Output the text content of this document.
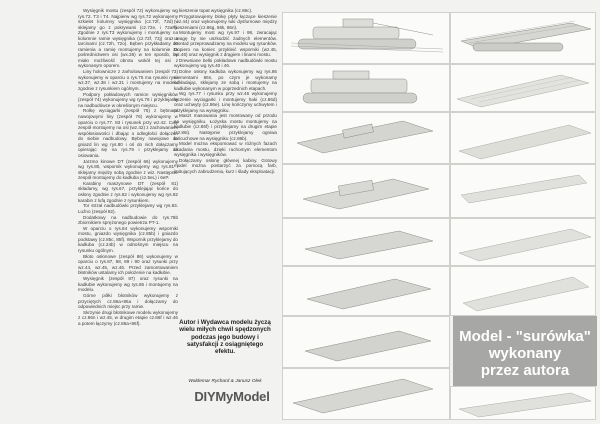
Wysięgnik mostu (zespół 72) wykonujemy wg rys.72. T3 i T4. Najpierw wg rys.72 wykonujemy szkielet kolumny wysięgnika (cz.72f, 72d) i sklejamy go z pokrywami (cz.72e, i 72aF). Zgodnie z rys.T3 wykonujemy i montujemy na kolumnie ramie wysięgnika (cz.72f, 72j) oraz z tarcinami (cz.72h, 72o). Bęben przykładamy do ramienia a ramię montujemy na kolumnie za pośrednictwem osi (wx.36) w ten sposób, by miało możliwość obrotu wokół tej osi z wykonanym oporem.

Liny holownicze z zarholowaniem (zespół 73) wykonujemy w oparciu o rys.75 ma rysunki rysu wz.37, wz.38 i wz.31 i montujemy na modelu zgodnie z rysunkiem ogólnym.

Podpory pokładowych ramion wysięgników (zespół 74) wykonujemy wg rys.76 i przyklejamy na nadbudówce w określonym miejscu.

Rolkę wyciągarki (zespół 75) z bębnami nawojowymi liny (zespół 76) wykonujemy w oparciu o rys.77. 83 i rysunek przy wz.42. Cały zespół montujemy na osi (wz.42) z zachowaniem współosiowości i dbając o odległości dołączeń do siebie nadbudowy. Bębny nawojowe do gniazd lin wg rys.80 i oś do nich dołączamy opierając się na rys.79 i przyklejamy do osiowania.

Jarzmo kinowe DT (zespół 66) wykonujemy wg rys.80, wspornik wykonujemy wg rys.81 i sklejamy między sobą zgodnie z wiz. Następnie zespół montujemy do kadłuba (cz.5eL) i 6eP.

Karabiny maszynowe DT (zespół 81) składamy, wg rys.67, przyklejając końce do osłony zgodnie z rys.82 i wykonujemy wg rys.82 karabin z lufą zgodnie z rysunkiem.

Tor strzał nadbudówki przyklejamy wg rys.83. Luźno (zespół 82).

Dodatkowy na nadbudowie do rys.78b zbiornikiem sprężonego powietrza PT-1.

W oparciu o rys.84 wykonujemy wsporniki mostu, gniazdo wysięgnika (cz.85b) i gniazdo podstawy (cz.85c, 85f). Wspornik przyklejamy do kadłuba (cz.24b) w odnośnym miejscu na rysunku ogólnym.

Błoto osłonowe (zespół 86) wykonujemy w oparciu o rys.87, 88, 89 i 90 oraz rysunki przy wz.44, wz.45, wz.46. Przed zamontowaniem błotników ustalamy ich położenie na kadłubie.

Wysięgnik (zespół 87) oraz rysunki na kadłubie wykonujemy wg rys.85 i montujemy na modelu.

Górne półki błotników wykonujemy z przyciętych cz.86a+86a i dołączamy do odpowiednich miejsc przy ramie.

Skrzynie drugi błotnikowe modelu wykonujemy z cz.86n i wz.45, w drugim etapie cz.86f i wz.46 a potem łączymy (cz.86a+86f).

kieszenie topat wysięgnika (cz.86c).

Przygotowujemy blokę płyty łączące kieszenie (wz.44) oraz wykonujemy łuki dysfurnowe między kieszeniami (cz.86g, 86k, 86n).

Montujemy most wg rys.97 i 98, zwracając uwagę by nie uszkodzić żadnych elementów. Montaż przeprowadzamy na modelu wg rysunków. Dopiero na koniec przykleić wsporniki (wz.45, wz.46) oraz wysięgnik z drągiem i linami mostu.

Drewniane belki pokładowe nadbudówki mostu wykonujemy wg rys.40 i 46.

Dolne osłony kadłuba wykonujemy wg rys.86 elementami 86n, po czym je wykonamy odkładając, sklejamy ze sobą i montujemy na kadłubie wykonanym w poprzednich etapach.

Wg rys.77 i rysunku przy wz.46 wykonujemy łączenie wyciągarki i montujemy haki (cz.86d) oraz uchwyty (cz.86e). Linę kończymy uchwytem i przyklejamy na wysięgniku.

Maszt masowania jest montowany od przodu na wysięgniku. Łożyska mostu montujemy na kadłubie (cz.86f) i przyklejamy na drugim etapie (cz.86i). Następnie przyklejamy ogniwa łańcuchowe na wysięgniku (cz.86b).

Model można ekspomować w różnych fazach ukadania mostu, dzięki ruchomym elementom wysięgnika i wysięgników.

Dołączamy osłonę głównej kabiny. Gotowy model można postarzyć za pomocą farb, imitujących zabrudzenia, kurz i ślady eksploatacji.

Autor i Wydawca modelu życzą wielu miłych chwil spędzonych podczas jego budowy i satysfakcji z osiągniętego efektu.
Waldemar Rychard & Janusz Olek
DIYMyModel
Model - "surówka"
wykonany
przez autora
